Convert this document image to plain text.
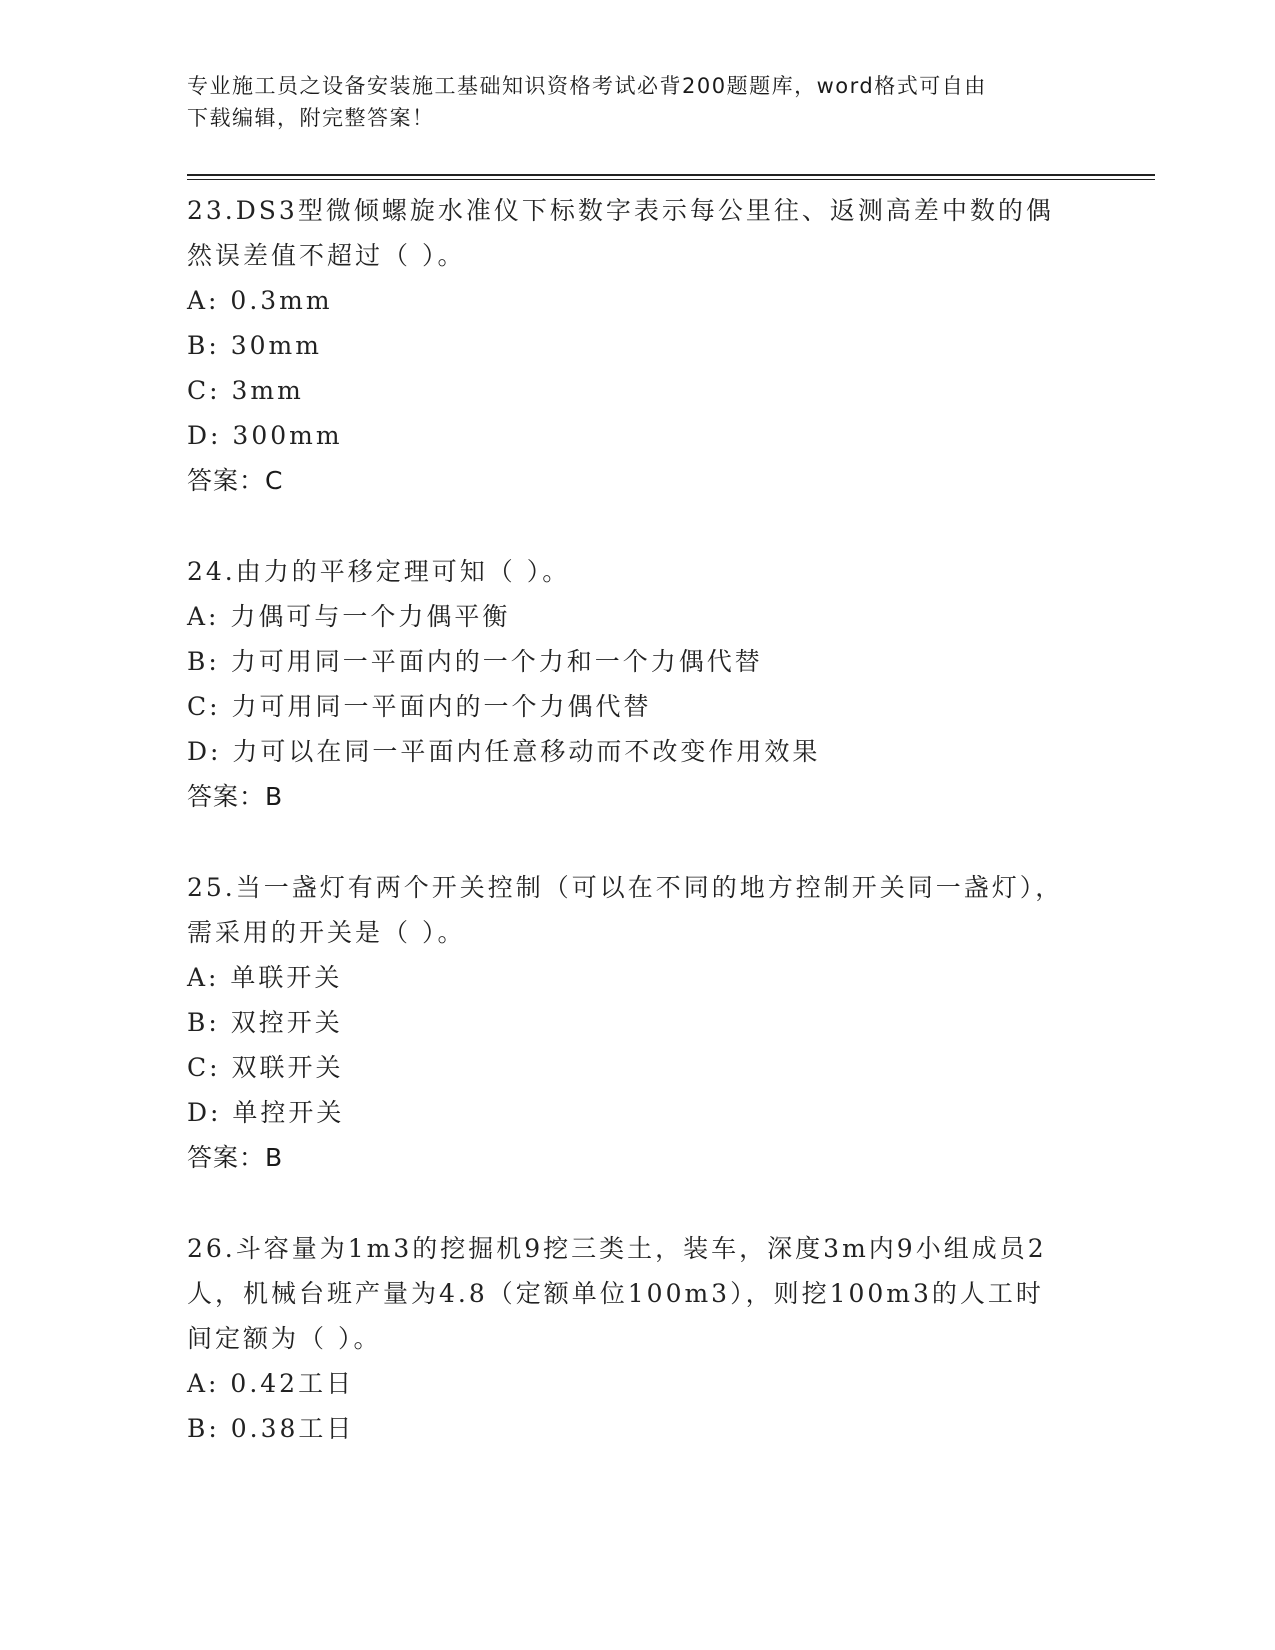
专业施工员之设备安装施工基础知识资格考试必背200题题库，word格式可自由

下载编辑，附完整答案！

23.DS3型微倾螺旋水准仪下标数字表示每公里往、返测高差中数的偶然误差值不超过（ ）。

A: 0.3mm

B: 30mm

C: 3mm

D: 300mm

答案：C

24.由力的平移定理可知（ ）。

A: 力偶可与一个力偶平衡

B: 力可用同一平面内的一个力和一个力偶代替

C: 力可用同一平面内的一个力偶代替

D: 力可以在同一平面内任意移动而不改变作用效果

答案：B

25.当一盏灯有两个开关控制（可以在不同的地方控制开关同一盏灯），需采用的开关是（ ）。

A: 单联开关

B: 双控开关

C: 双联开关

D: 单控开关

答案：B

26.斗容量为1m3的挖掘机9挖三类土，装车，深度3m内9小组成员2人，机械台班产量为4.8（定额单位100m3），则挖100m3的人工时间定额为（ ）。

A: 0.42工日

B: 0.38工日
